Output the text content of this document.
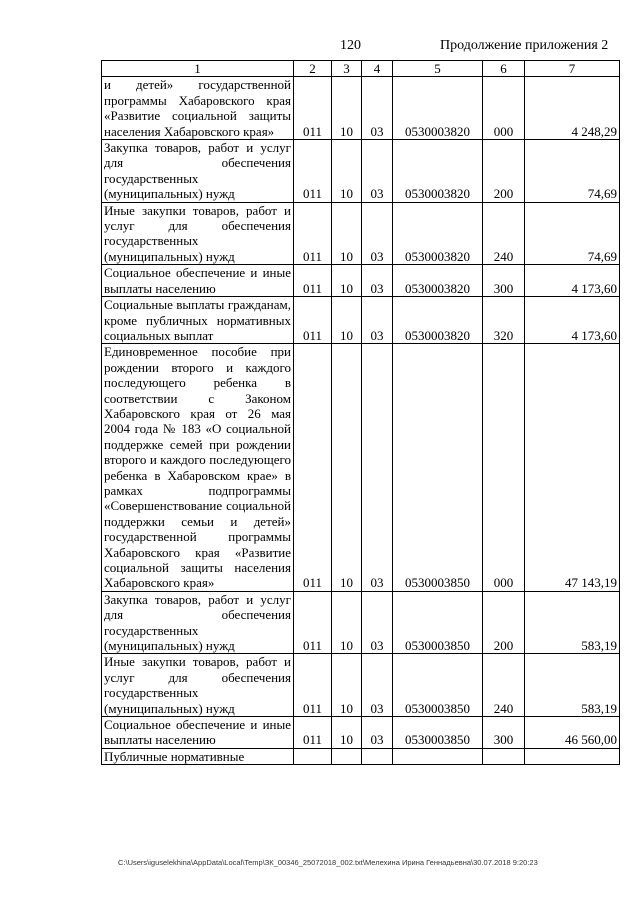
120	Продолжение приложения 2
1	2	3	4	5	6	7
и детей» государственной программы Хабаровского края «Развитие социальной защиты населения Хабаровского края»	011	10	03	0530003820	000	4 248,29
Закупка товаров, работ и услуг для обеспечения государственных (муниципальных) нужд	011	10	03	0530003820	200	74,69
Иные закупки товаров, работ и услуг для обеспечения государственных (муниципальных) нужд	011	10	03	0530003820	240	74,69
Социальное обеспечение и иные выплаты населению	011	10	03	0530003820	300	4 173,60
Социальные выплаты гражданам, кроме публичных нормативных социальных выплат	011	10	03	0530003820	320	4 173,60
Единовременное пособие при рождении второго и каждого последующего ребенка в соответствии с Законом Хабаровского края от 26 мая 2004 года № 183 «О социальной поддержке семей при рождении второго и каждого последующего ребенка в Хабаровском крае» в рамках подпрограммы «Совершенствование социальной поддержки семьи и детей» государственной программы Хабаровского края «Развитие социальной защиты населения Хабаровского края»	011	10	03	0530003850	000	47 143,19
Закупка товаров, работ и услуг для обеспечения государственных (муниципальных) нужд	011	10	03	0530003850	200	583,19
Иные закупки товаров, работ и услуг для обеспечения государственных (муниципальных) нужд	011	10	03	0530003850	240	583,19
Социальное обеспечение и иные выплаты населению	011	10	03	0530003850	300	46 560,00
Публичные нормативные						
C:\Users\iguselekhina\AppData\Local\Temp\ЗК_00346_25072018_002.txt\Мелехина Ирина Геннадьевна\30.07.2018 9:20:23
